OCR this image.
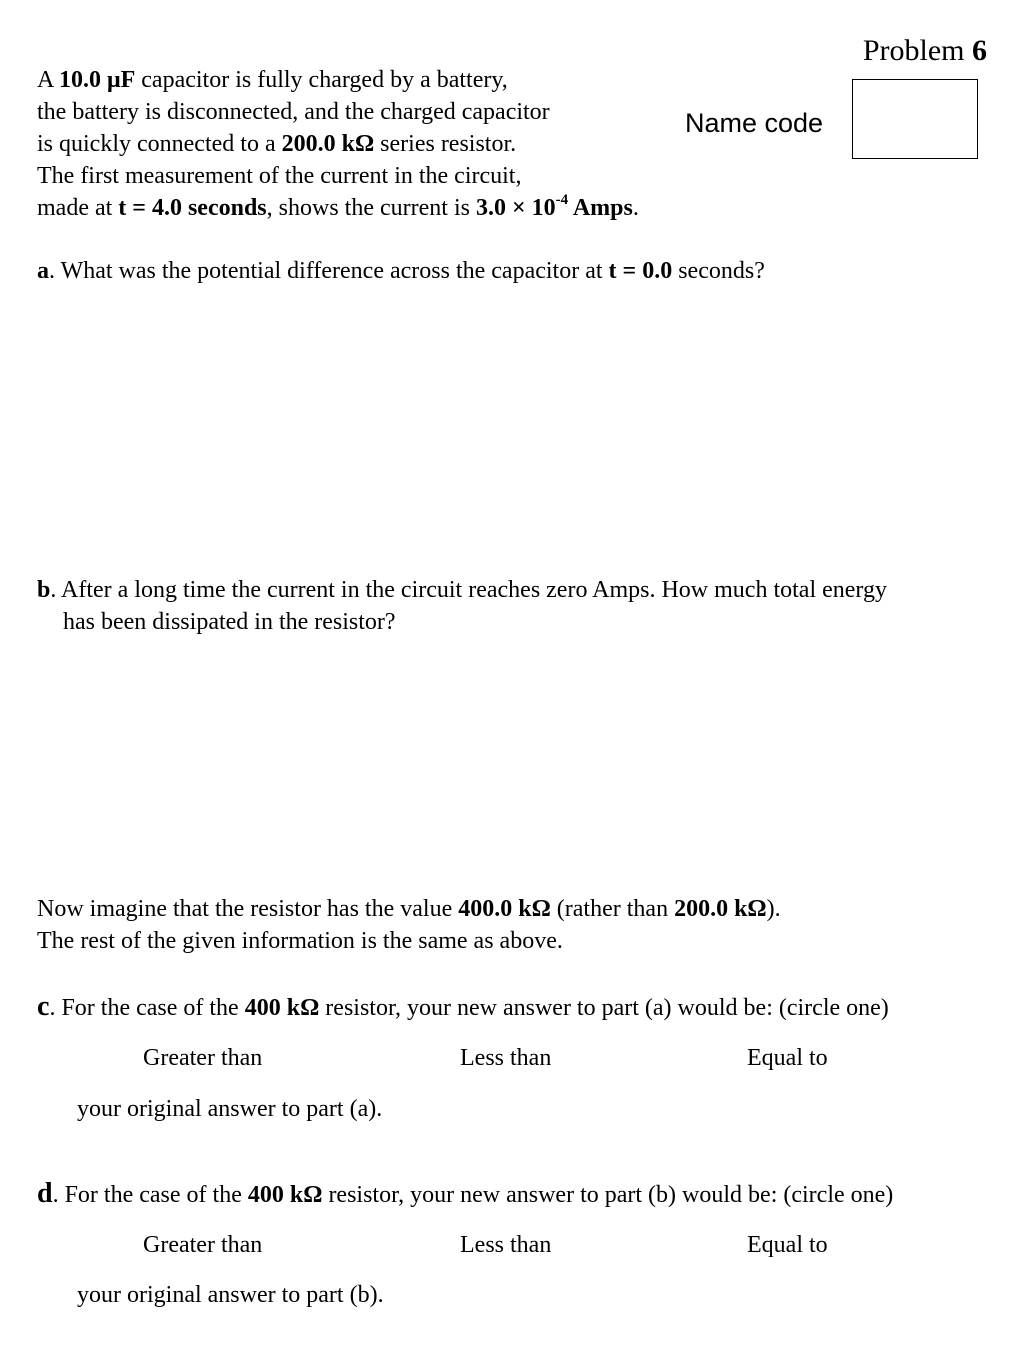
Problem 6
Name code
A 10.0 μF capacitor is fully charged by a battery,
the battery is disconnected, and the charged capacitor
is quickly connected to a 200.0 kΩ series resistor.
The first measurement of the current in the circuit,
made at t = 4.0 seconds, shows the current is $3.0 \times 10^{-4}$ Amps.
a. What was the potential difference across the capacitor at t = 0.0 seconds?
b. After a long time the current in the circuit reaches zero Amps. How much total energy
has been dissipated in the resistor?
Now imagine that the resistor has the value 400.0 kΩ (rather than 200.0 kΩ).
The rest of the given information is the same as above.
c. For the case of the 400 kΩ resistor, your new answer to part (a) would be: (circle one)
Greater than	Less than	Equal to
your original answer to part (a).
d. For the case of the 400 kΩ resistor, your new answer to part (b) would be: (circle one)
Greater than	Less than	Equal to
your original answer to part (b).
